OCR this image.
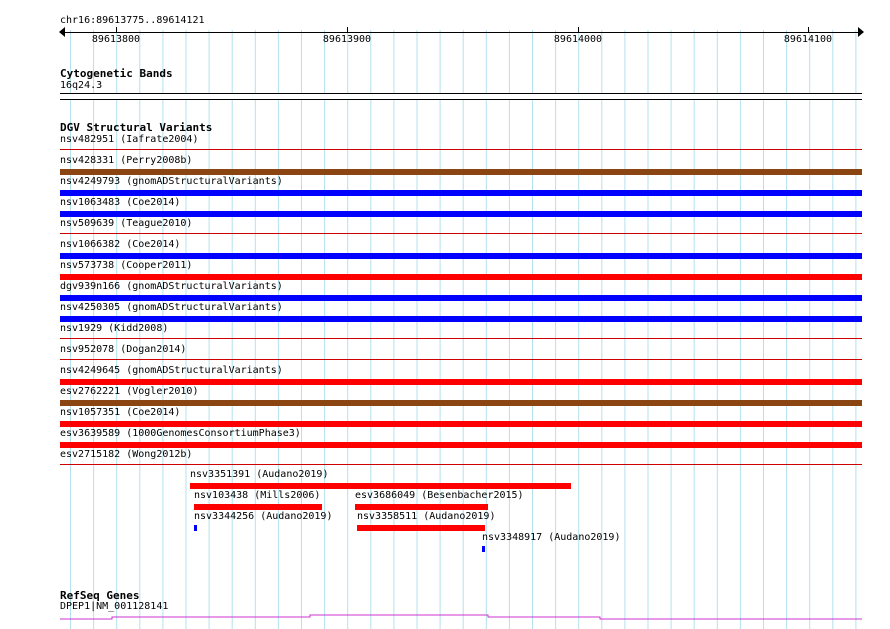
chr16:89613775..89614121
89613800	89613900	89614000	89614100
Cytogenetic Bands
16q24.3
DGV Structural Variants
nsv482951 (Iafrate2004)
nsv428331 (Perry2008b)
nsv4249793 (gnomADStructuralVariants)
nsv1063483 (Coe2014)
nsv509639 (Teague2010)
nsv1066382 (Coe2014)
nsv573738 (Cooper2011)
dgv939n166 (gnomADStructuralVariants)
nsv4250305 (gnomADStructuralVariants)
nsv1929 (Kidd2008)
nsv952078 (Dogan2014)
nsv4249645 (gnomADStructuralVariants)
esv2762221 (Vogler2010)
nsv1057351 (Coe2014)
esv3639589 (1000GenomesConsortiumPhase3)
esv2715182 (Wong2012b)
nsv3351391 (Audano2019)
nsv103438 (Mills2006)	esv3686049 (Besenbacher2015)
nsv3344256 (Audano2019) nsv3358511 (Audano2019)
nsv3348917 (Audano2019)
RefSeq Genes
DPEP1|NM_001128141
